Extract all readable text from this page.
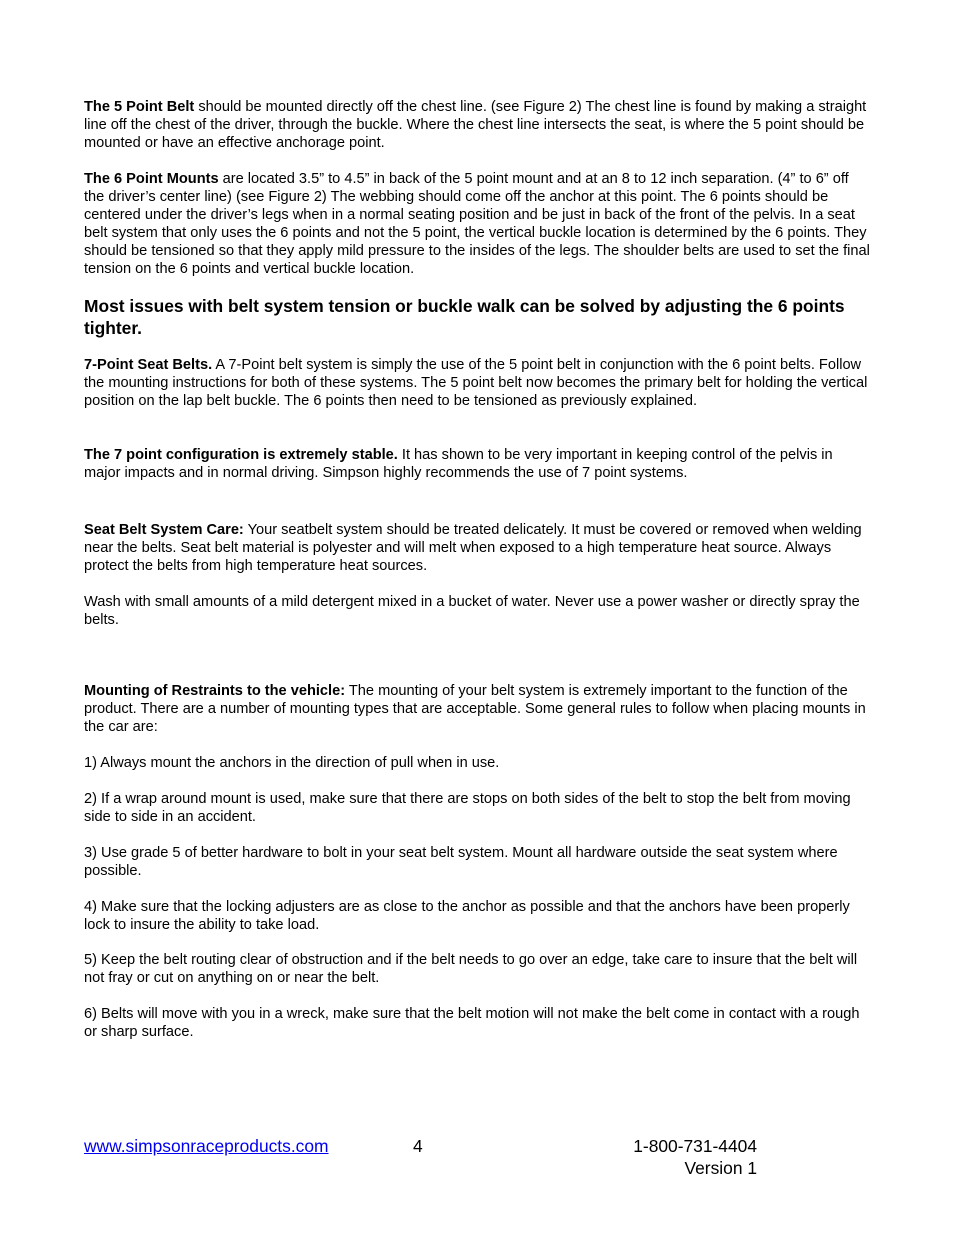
The 5 Point Belt should be mounted directly off the chest line. (see Figure 2) The chest line is found by making a straight line off the chest of the driver, through the buckle. Where the chest line intersects the seat, is where the 5 point should be mounted or have an effective anchorage point.

The 6 Point Mounts are located 3.5” to 4.5” in back of the 5 point mount and at an 8 to 12 inch separation. (4” to 6” off the driver’s center line) (see Figure 2) The webbing should come off the anchor at this point. The 6 points should be centered under the driver’s legs when in a normal seating position and be just in back of the front of the pelvis. In a seat belt system that only uses the 6 points and not the 5 point, the vertical buckle location is determined by the 6 points. They should be tensioned so that they apply mild pressure to the insides of the legs. The shoulder belts are used to set the final tension on the 6 points and vertical buckle location.

Most issues with belt system tension or buckle walk can be solved by adjusting the 6 points tighter.

7-Point Seat Belts. A 7-Point belt system is simply the use of the 5 point belt in conjunction with the 6 point belts. Follow the mounting instructions for both of these systems. The 5 point belt now becomes the primary belt for holding the vertical position on the lap belt buckle. The 6 points then need to be tensioned as previously explained.

The 7 point configuration is extremely stable. It has shown to be very important in keeping control of the pelvis in major impacts and in normal driving. Simpson highly recommends the use of 7 point systems.

Seat Belt System Care: Your seatbelt system should be treated delicately. It must be covered or removed when welding near the belts. Seat belt material is polyester and will melt when exposed to a high temperature heat source. Always protect the belts from high temperature heat sources.

Wash with small amounts of a mild detergent mixed in a bucket of water. Never use a power washer or directly spray the belts.

Mounting of Restraints to the vehicle: The mounting of your belt system is extremely important to the function of the product. There are a number of mounting types that are acceptable. Some general rules to follow when placing mounts in the car are:

1) Always mount the anchors in the direction of pull when in use.

2) If a wrap around mount is used, make sure that there are stops on both sides of the belt to stop the belt from moving side to side in an accident.

3) Use grade 5 of better hardware to bolt in your seat belt system. Mount all hardware outside the seat system where possible.

4) Make sure that the locking adjusters are as close to the anchor as possible and that the anchors have been properly lock to insure the ability to take load.

5) Keep the belt routing clear of obstruction and if the belt needs to go over an edge, take care to insure that the belt will not fray or cut on anything on or near the belt.

6) Belts will move with you in a wreck, make sure that the belt motion will not make the belt come in contact with a rough or sharp surface.

www.simpsonraceproducts.com	4	1-800-731-4404
Version 1
